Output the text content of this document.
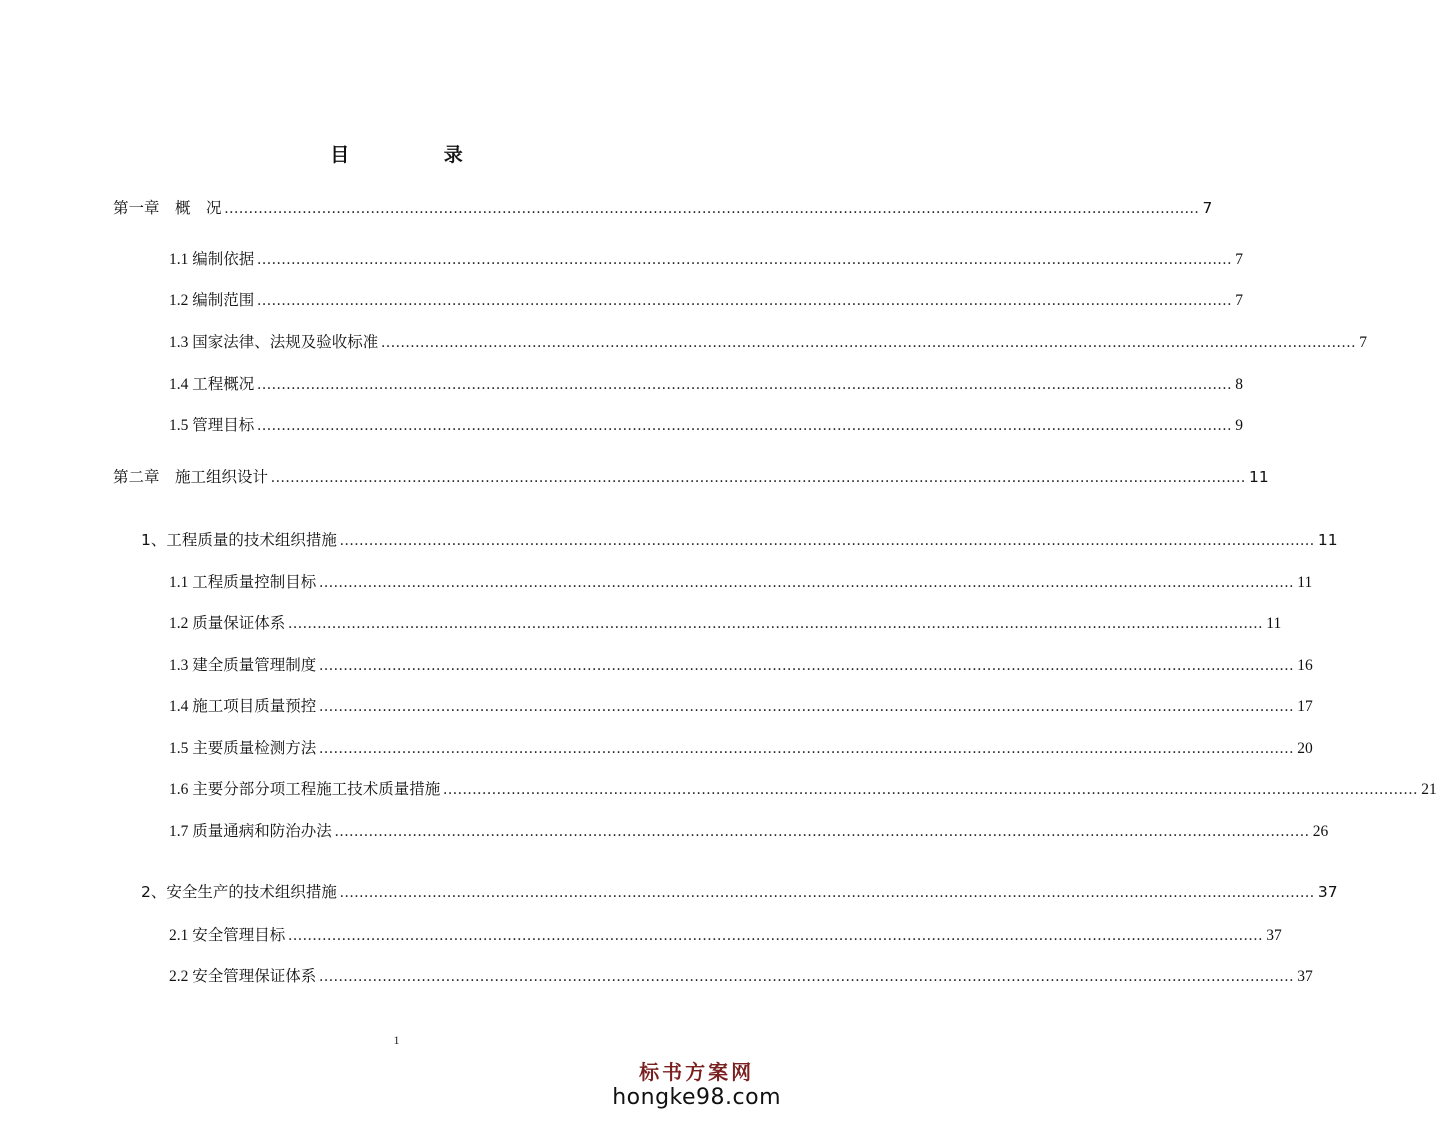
目 录
第一章　概　况 ........................................................................................................................................................................................................ 7
1.1 编制依据 ........................................................................................................................................................................................................ 7
1.2 编制范围 ........................................................................................................................................................................................................ 7
1.3 国家法律、法规及验收标准 ........................................................................................................................................................................................................ 7
1.4 工程概况 ........................................................................................................................................................................................................ 8
1.5 管理目标 ........................................................................................................................................................................................................ 9
第二章　施工组织设计 ........................................................................................................................................................................................................ 11
1、工程质量的技术组织措施 ........................................................................................................................................................................................................ 11
1.1 工程质量控制目标 ........................................................................................................................................................................................................ 11
1.2 质量保证体系 ........................................................................................................................................................................................................ 11
1.3 建全质量管理制度 ........................................................................................................................................................................................................ 16
1.4 施工项目质量预控 ........................................................................................................................................................................................................ 17
1.5 主要质量检测方法 ........................................................................................................................................................................................................ 20
1.6 主要分部分项工程施工技术质量措施 ........................................................................................................................................................................................................ 21
1.7 质量通病和防治办法 ........................................................................................................................................................................................................ 26
2、安全生产的技术组织措施 ........................................................................................................................................................................................................ 37
2.1 安全管理目标 ........................................................................................................................................................................................................ 37
2.2 安全管理保证体系 ........................................................................................................................................................................................................ 37
1
标书方案网
hongke98.com
